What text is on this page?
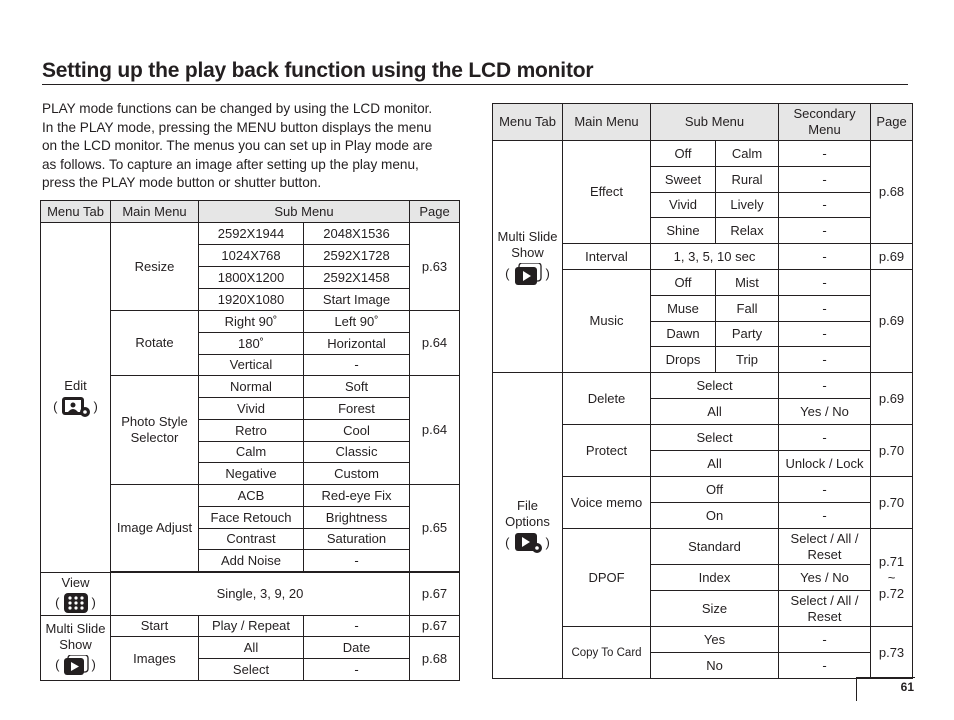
Setting up the play back function using the LCD monitor
PLAY mode functions can be changed by using the LCD monitor.
In the PLAY mode, pressing the MENU button displays the menu
on the LCD monitor. The menus you can set up in Play mode are
as follows. To capture an image after setting up the play menu,
press the PLAY mode button or shutter button.
Menu Tab	Main Menu	Sub Menu		Page

Edit
( )	Resize	2592X1944	2048X1536	p.63
		1024X768	2592X1728	
		1800X1200	2592X1458	
		1920X1080	Start Image	
	Rotate	Right 90˚	Left 90˚	p.64
		180˚	Horizontal	
		Vertical	-	
	Photo Style Selector	Normal	Soft	p.64
		Vivid	Forest	
		Retro	Cool	
		Calm	Classic	
		Negative	Custom	
	Image Adjust	ACB	Red-eye Fix	p.65
		Face Retouch	Brightness	
		Contrast	Saturation	
		Add Noise	-	

View
( )	Single, 3, 9, 20			p.67

Multi Slide Show
( )	Start	Play / Repeat	-	p.67
	Images	All	Date	p.68
		Select	-	
Menu Tab	Main Menu	Sub Menu		Secondary Menu	Page

Multi Slide Show
( )	Effect	Off	Calm	-	p.68
		Sweet	Rural	-	
		Vivid	Lively	-	
		Shine	Relax	-	
	Interval	1, 3, 5, 10 sec		-	p.69
	Music	Off	Mist	-	p.69
		Muse	Fall	-	
		Dawn	Party	-	
		Drops	Trip	-	

File Options
( )	Delete	Select		-	p.69
		All		Yes / No	
	Protect	Select		-	p.70
		All		Unlock / Lock	
	Voice memo	Off		-	p.70
		On		-	
	DPOF	Standard		Select / All / Reset	p.71
~
p.72

		Index		Yes / No	
		Size		Select / All / Reset	
	Copy To Card	Yes		-	p.73
		No		-	
61
